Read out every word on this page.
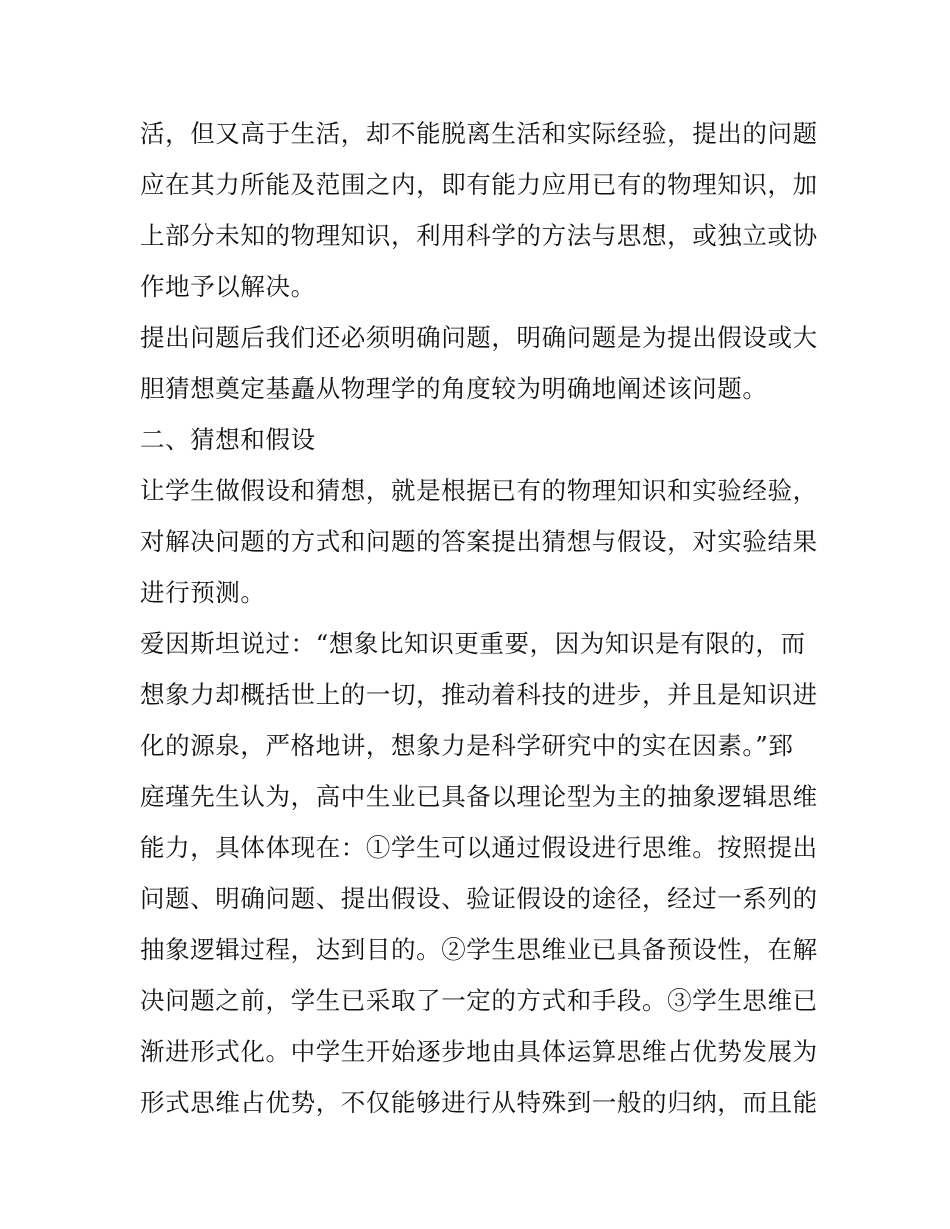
活，但又高于生活，却不能脱离生活和实际经验，提出的问题
应在其力所能及范围之内，即有能力应用已有的物理知识，加
上部分未知的物理知识，利用科学的方法与思想，或独立或协
作地予以解决。
提出问题后我们还必须明确问题，明确问题是为提出假设或大
胆猜想奠定基矗从物理学的角度较为明确地阐述该问题。
二、猜想和假设
让学生做假设和猜想，就是根据已有的物理知识和实验经验，
对解决问题的方式和问题的答案提出猜想与假设，对实验结果
进行预测。
爱因斯坦说过：“想象比知识更重要，因为知识是有限的，而
想象力却概括世上的一切，推动着科技的进步，并且是知识进
化的源泉，严格地讲，想象力是科学研究中的实在因素。”郅
庭瑾先生认为，高中生业已具备以理论型为主的抽象逻辑思维
能力，具体体现在：①学生可以通过假设进行思维。按照提出
问题、明确问题、提出假设、验证假设的途径，经过一系列的
抽象逻辑过程，达到目的。②学生思维业已具备预设性，在解
决问题之前，学生已采取了一定的方式和手段。③学生思维已
渐进形式化。中学生开始逐步地由具体运算思维占优势发展为
形式思维占优势，不仅能够进行从特殊到一般的归纳，而且能
